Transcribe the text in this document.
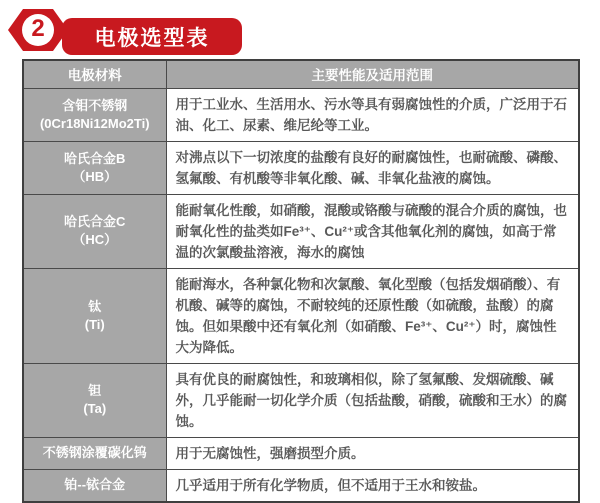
电极选型表
2
电极材料	主要性能及适用范围
含钼不锈钢
(0Cr18Ni12Mo2Ti)	用于工业水、生活用水、污水等具有弱腐蚀性的介质，广泛用于石油、化工、尿素、维尼纶等工业。
哈氏合金B
（HB）	对沸点以下一切浓度的盐酸有良好的耐腐蚀性，也耐硫酸、磷酸、氢氟酸、有机酸等非氧化酸、碱、非氧化盐液的腐蚀。
哈氏合金C
（HC）	能耐氧化性酸，如硝酸，混酸或铬酸与硫酸的混合介质的腐蚀，也耐氧化性的盐类如Fe³⁺、Cu²⁺或含其他氧化剂的腐蚀，如高于常温的次氯酸盐溶液，海水的腐蚀
钛
(Ti)	能耐海水，各种氯化物和次氯酸、氧化型酸（包括发烟硝酸）、有机酸、碱等的腐蚀，不耐较纯的还原性酸（如硫酸，盐酸）的腐蚀。但如果酸中还有氧化剂（如硝酸、Fe³⁺、Cu²⁺）时，腐蚀性大为降低。
钽
(Ta)	具有优良的耐腐蚀性，和玻璃相似，除了氢氟酸、发烟硫酸、碱外，几乎能耐一切化学介质（包括盐酸，硝酸，硫酸和王水）的腐蚀。
不锈钢涂覆碳化钨	用于无腐蚀性，强磨损型介质。
铂--铱合金	几乎适用于所有化学物质，但不适用于王水和铵盐。
